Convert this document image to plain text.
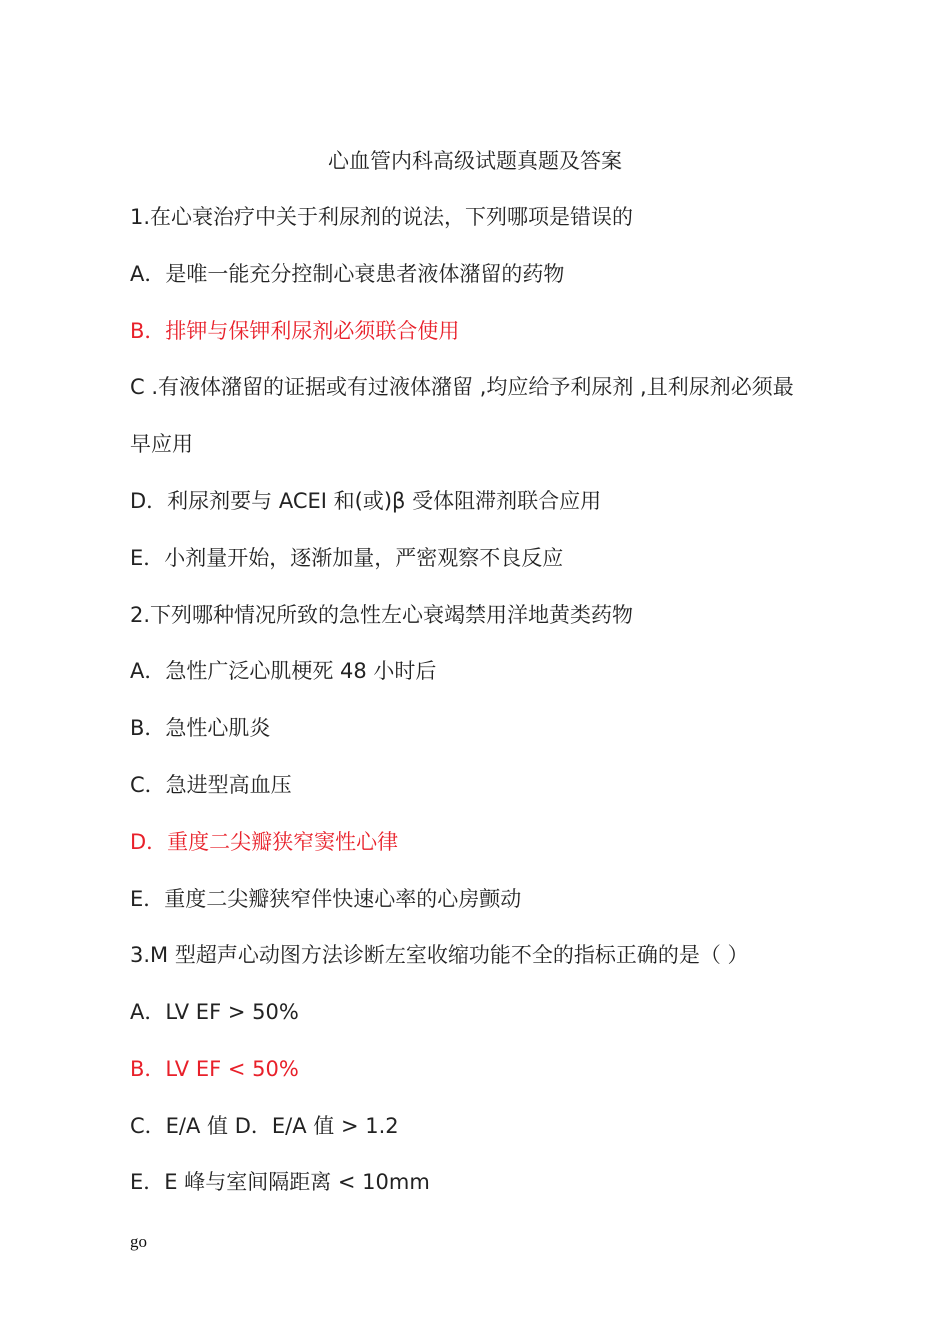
心血管内科高级试题真题及答案
1.在心衰治疗中关于利尿剂的说法，下列哪项是错误的
A．是唯一能充分控制心衰患者液体潴留的药物
B．排钾与保钾利尿剂必须联合使用
C .有液体潴留的证据或有过液体潴留 ,均应给予利尿剂 ,且利尿剂必须最
早应用
D．利尿剂要与 ACEI 和(或)β 受体阻滞剂联合应用
E．小剂量开始，逐渐加量，严密观察不良反应
2.下列哪种情况所致的急性左心衰竭禁用洋地黄类药物
A．急性广泛心肌梗死 48 小时后
B．急性心肌炎
C．急进型高血压
D．重度二尖瓣狭窄窦性心律
E．重度二尖瓣狭窄伴快速心率的心房颤动
3.M 型超声心动图方法诊断左室收缩功能不全的指标正确的是（ ）
A．LV EF > 50%
B．LV EF < 50%
C．E/A 值 D．E/A 值 > 1.2
E．E 峰与室间隔距离 < 10mm
go
